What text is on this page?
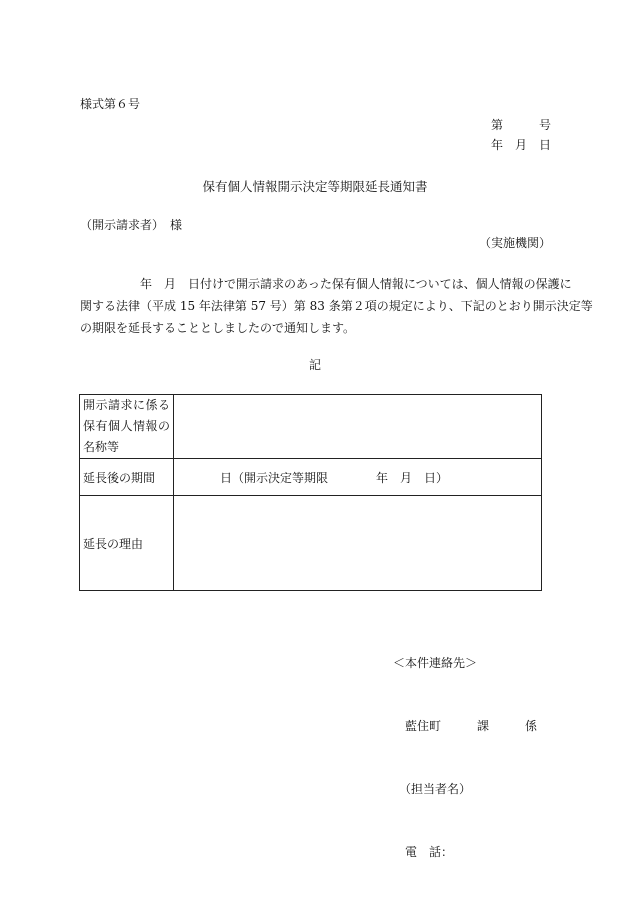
様式第６号
第　　　号
年　月　日
保有個人情報開示決定等期限延長通知書
（開示請求者）　様
（実施機関）

　　　　　年　月　日付けで開示請求のあった保有個人情報については、個人情報の保護に

関する法律（平成 15 年法律第 57 号）第 83 条第２項の規定により、下記のとおり開示決定等

の期限を延長することとしましたので通知します。

記
開示請求に係る
保有個人情報の
名称等	

延長後の期間	日（開示決定等期限　　　　年　月　日）
延長の理由	

＜本件連絡先＞

　藍住町　　　課　　　係

　（担当者名）

　電　話：
